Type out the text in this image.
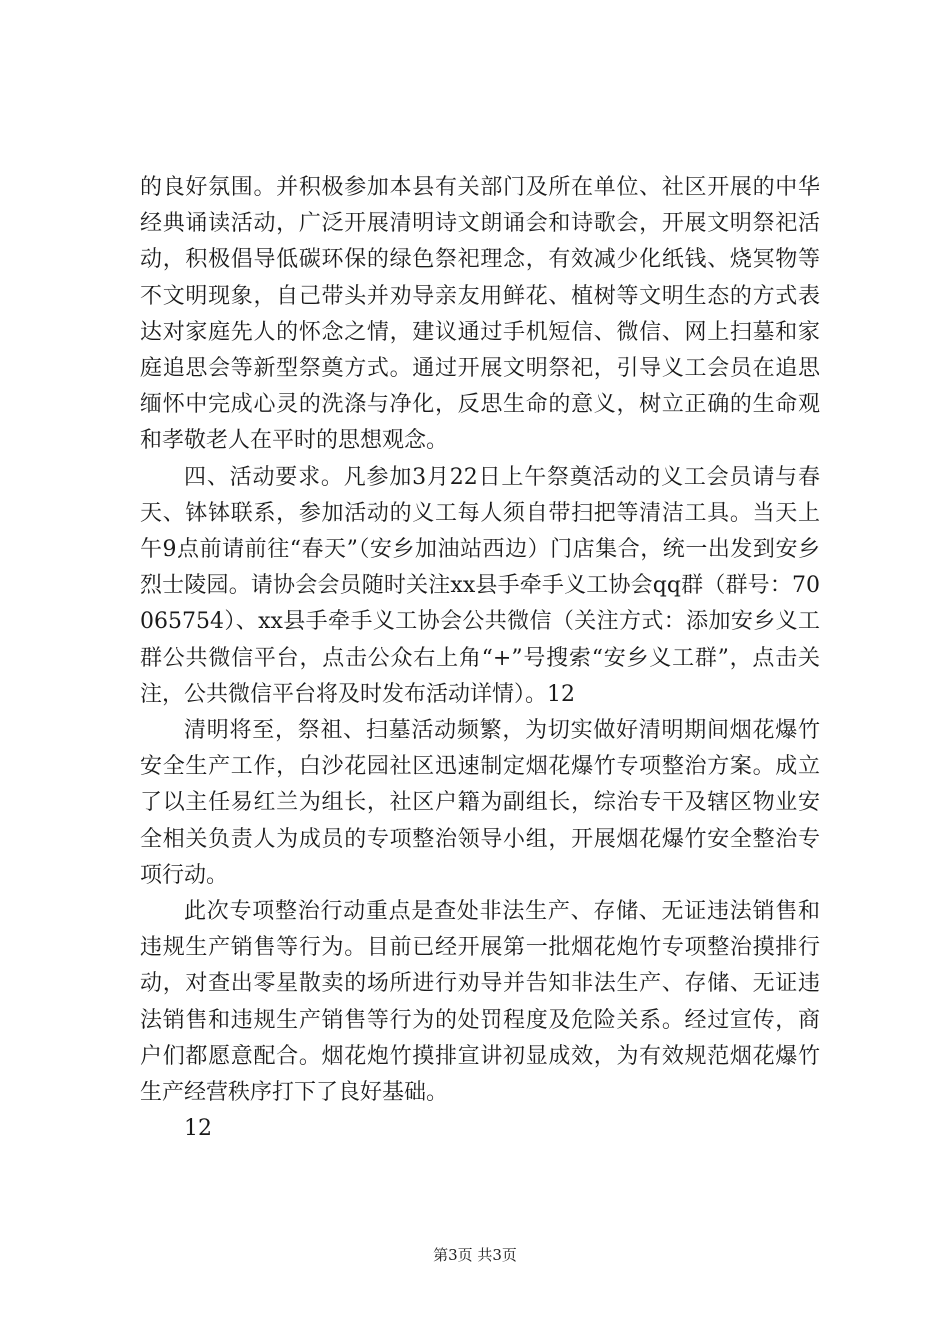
的良好氛围。并积极参加本县有关部门及所在单位、社区开展的中华经典诵读活动，广泛开展清明诗文朗诵会和诗歌会，开展文明祭祀活动，积极倡导低碳环保的绿色祭祀理念，有效减少化纸钱、烧冥物等不文明现象，自己带头并劝导亲友用鲜花、植树等文明生态的方式表达对家庭先人的怀念之情，建议通过手机短信、微信、网上扫墓和家庭追思会等新型祭奠方式。通过开展文明祭祀，引导义工会员在追思缅怀中完成心灵的洗涤与净化，反思生命的意义，树立正确的生命观和孝敬老人在平时的思想观念。

四、活动要求。凡参加3月22日上午祭奠活动的义工会员请与春天、钵钵联系，参加活动的义工每人须自带扫把等清洁工具。当天上午9点前请前往“春天”（安乡加油站西边）门店集合，统一出发到安乡烈士陵园。请协会会员随时关注xx县手牵手义工协会qq群（群号：70065754）、xx县手牵手义工协会公共微信（关注方式：添加安乡义工群公共微信平台，点击公众右上角“+”号搜索“安乡义工群”，点击关注，公共微信平台将及时发布活动详情）。12

清明将至，祭祖、扫墓活动频繁，为切实做好清明期间烟花爆竹安全生产工作，白沙花园社区迅速制定烟花爆竹专项整治方案。成立了以主任易红兰为组长，社区户籍为副组长，综治专干及辖区物业安全相关负责人为成员的专项整治领导小组，开展烟花爆竹安全整治专项行动。

此次专项整治行动重点是查处非法生产、存储、无证违法销售和违规生产销售等行为。目前已经开展第一批烟花炮竹专项整治摸排行动，对查出零星散卖的场所进行劝导并告知非法生产、存储、无证违法销售和违规生产销售等行为的处罚程度及危险关系。经过宣传，商户们都愿意配合。烟花炮竹摸排宣讲初显成效，为有效规范烟花爆竹生产经营秩序打下了良好基础。

12

第3页 共3页
